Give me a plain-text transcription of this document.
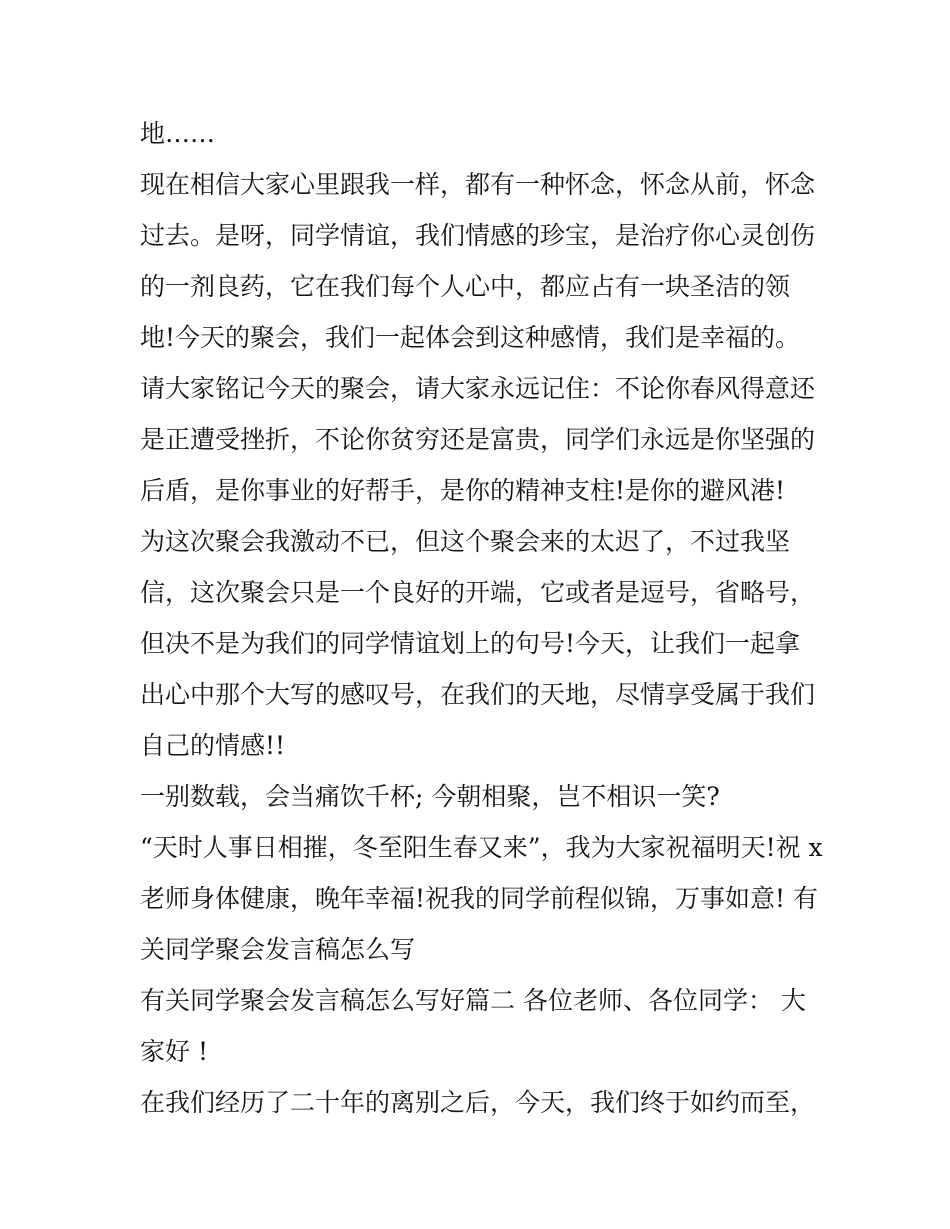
地……
现在相信大家心里跟我一样，都有一种怀念，怀念从前，怀念
过去。是呀，同学情谊，我们情感的珍宝，是治疗你心灵创伤
的一剂良药，它在我们每个人心中，都应占有一块圣洁的领
地!今天的聚会，我们一起体会到这种感情，我们是幸福的。
请大家铭记今天的聚会，请大家永远记住：不论你春风得意还
是正遭受挫折，不论你贫穷还是富贵，同学们永远是你坚强的
后盾，是你事业的好帮手，是你的精神支柱!是你的避风港!
为这次聚会我激动不已，但这个聚会来的太迟了，不过我坚
信，这次聚会只是一个良好的开端，它或者是逗号，省略号，
但决不是为我们的同学情谊划上的句号!今天，让我们一起拿
出心中那个大写的感叹号，在我们的天地，尽情享受属于我们
自己的情感!!
一别数载，会当痛饮千杯; 今朝相聚，岂不相识一笑?
“天时人事日相摧，冬至阳生春又来”，我为大家祝福明天!祝 x
老师身体健康，晚年幸福!祝我的同学前程似锦，万事如意! 有
关同学聚会发言稿怎么写
有关同学聚会发言稿怎么写好篇二 各位老师、各位同学： 大
家好 !
在我们经历了二十年的离别之后，今天，我们终于如约而至，
